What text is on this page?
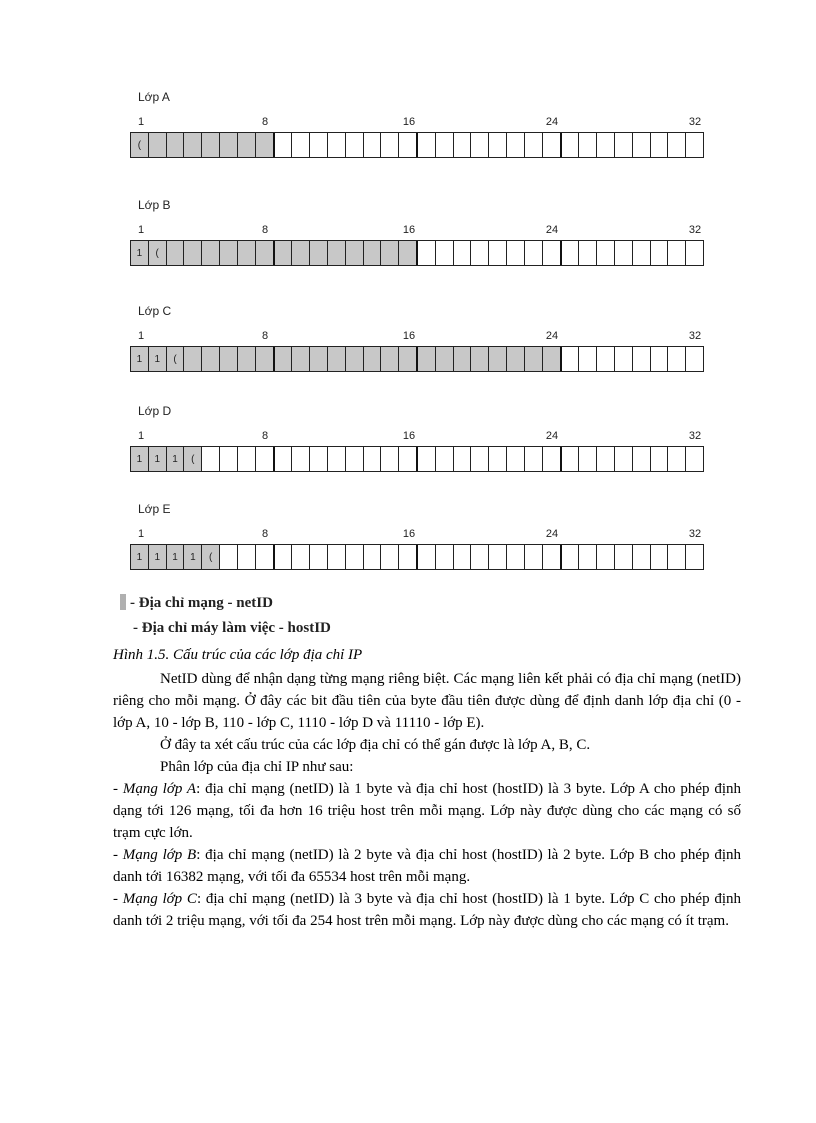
Lớp A
1	8	16	24	32
(
Lớp B
1	8	16	24	32
1	(
Lớp C
1	8	16	24	32
1	1	(
Lớp D
1	8	16	24	32
1	1	1	(
Lớp E
1	8	16	24	32
1	1	1	1	(
- Địa chỉ mạng - netID
- Địa chỉ máy làm việc - hostID
Hình 1.5. Cấu trúc của các lớp địa chỉ IP

NetID dùng để nhận dạng từng mạng riêng biệt. Các mạng liên kết phải có địa chỉ mạng (netID) riêng cho mỗi mạng. Ở đây các bit đầu tiên của byte đầu tiên được dùng để định danh lớp địa chỉ (0 - lớp A, 10 - lớp B, 110 - lớp C, 1110 - lớp D và 11110 - lớp E).

Ở đây ta xét cấu trúc của các lớp địa chỉ có thể gán được là lớp A, B, C.

Phân lớp của địa chỉ IP như sau:

- Mạng lớp A: địa chỉ mạng (netID) là 1 byte và địa chỉ host (hostID) là 3 byte. Lớp A cho phép định dạng tới 126 mạng, tối đa hơn 16 triệu host trên mỗi mạng. Lớp này được dùng cho các mạng có số trạm cực lớn.

- Mạng lớp B: địa chỉ mạng (netID) là 2 byte và địa chỉ host (hostID) là 2 byte. Lớp B cho phép định danh tới 16382 mạng, với tối đa 65534 host trên mỗi mạng.

- Mạng lớp C: địa chỉ mạng (netID) là 3 byte và địa chỉ host (hostID) là 1 byte. Lớp C cho phép định danh tới 2 triệu mạng, với tối đa 254 host trên mỗi mạng. Lớp này được dùng cho các mạng có ít trạm.
